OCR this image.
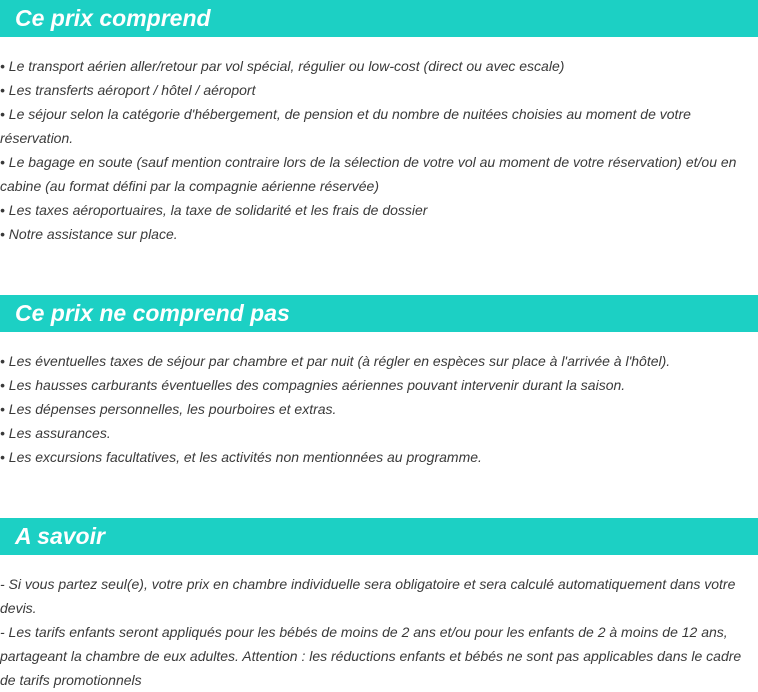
Ce prix comprend
• Le transport aérien aller/retour par vol spécial, régulier ou low-cost (direct ou avec escale)
• Les transferts aéroport / hôtel / aéroport
• Le séjour selon la catégorie d'hébergement, de pension et du nombre de nuitées choisies au moment de votre réservation.
• Le bagage en soute (sauf mention contraire lors de la sélection de votre vol au moment de votre réservation) et/ou en cabine (au format défini par la compagnie aérienne réservée)
• Les taxes aéroportuaires, la taxe de solidarité et les frais de dossier
• Notre assistance sur place.
Ce prix ne comprend pas
• Les éventuelles taxes de séjour par chambre et par nuit (à régler en espèces sur place à l'arrivée à l'hôtel).
• Les hausses carburants éventuelles des compagnies aériennes pouvant intervenir durant la saison.
• Les dépenses personnelles, les pourboires et extras.
• Les assurances.
• Les excursions facultatives, et les activités non mentionnées au programme.
A savoir
- Si vous partez seul(e), votre prix en chambre individuelle sera obligatoire et sera calculé automatiquement dans votre devis.
- Les tarifs enfants seront appliqués pour les bébés de moins de 2 ans et/ou pour les enfants de 2 à moins de 12 ans, partageant la chambre de eux adultes. Attention : les réductions enfants et bébés ne sont pas applicables dans le cadre de tarifs promotionnels
